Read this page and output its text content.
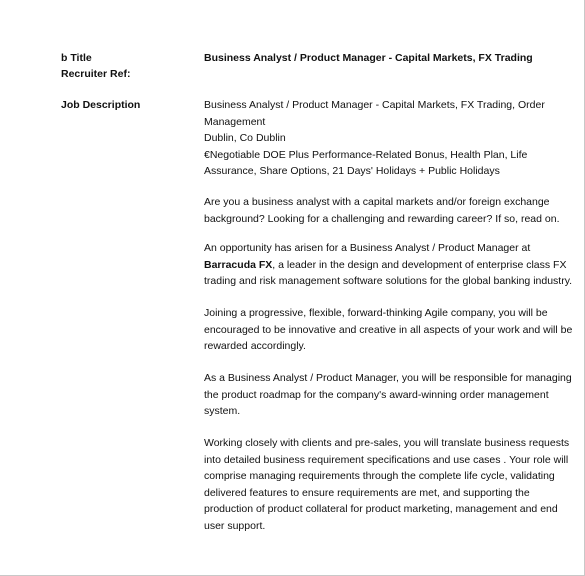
b Title
Recruiter Ref:
Job Description
Business Analyst / Product Manager - Capital Markets, FX Trading
Business Analyst / Product Manager - Capital Markets, FX Trading, Order
Management
Dublin, Co Dublin
€Negotiable DOE Plus Performance-Related Bonus, Health Plan, Life
Assurance, Share Options, 21 Days' Holidays + Public Holidays
Are you a business analyst with a capital markets and/or foreign exchange
background? Looking for a challenging and rewarding career? If so, read on.
An opportunity has arisen for a Business Analyst / Product Manager at
Barracuda FX, a leader in the design and development of enterprise class FX
trading and risk management software solutions for the global banking industry.
Joining a progressive, flexible, forward-thinking Agile company, you will be
encouraged to be innovative and creative in all aspects of your work and will be
rewarded accordingly.
As a Business Analyst / Product Manager, you will be responsible for managing
the product roadmap for the company's award-winning order management
system.
Working closely with clients and pre-sales, you will translate business requests
into detailed business requirement specifications and use cases . Your role will
comprise managing requirements through the complete life cycle, validating
delivered features to ensure requirements are met, and supporting the
production of product collateral for product marketing, management and end
user support.
